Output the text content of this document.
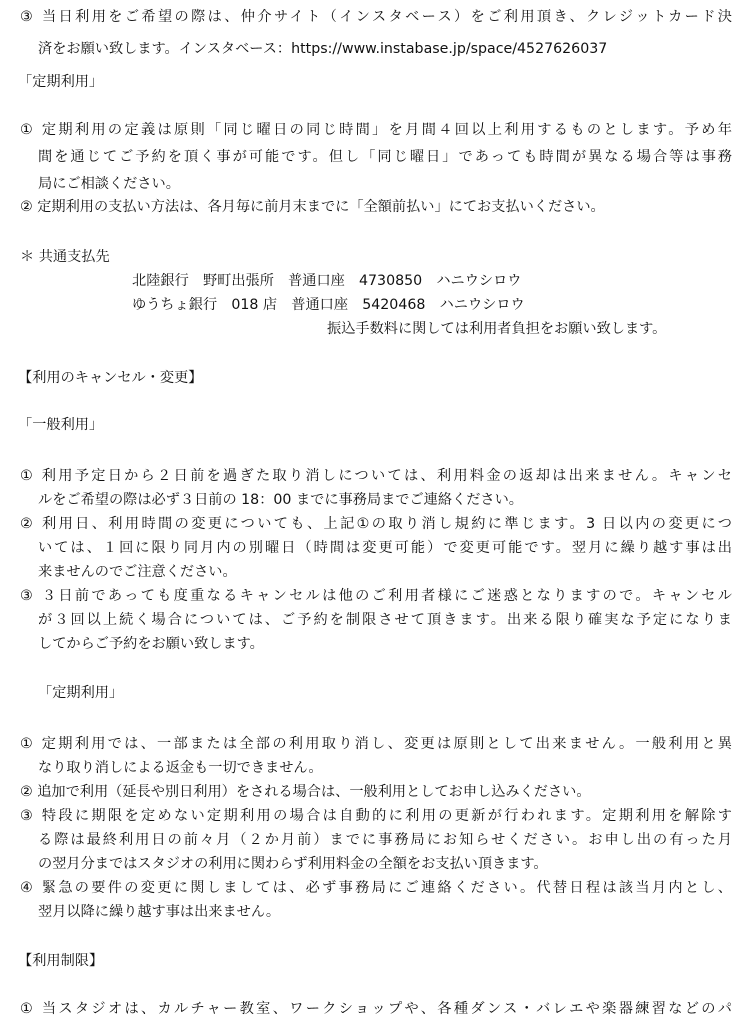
③ 当日利用をご希望の際は、仲介サイト（インスタベース）をご利用頂き、クレジットカード決
済をお願い致します。インスタベース：https://www.instabase.jp/space/4527626037
「定期利用」
① 定期利用の定義は原則「同じ曜日の同じ時間」を月間４回以上利用するものとします。予め年
間を通じてご予約を頂く事が可能です。但し「同じ曜日」であっても時間が異なる場合等は事務
局にご相談ください。
② 定期利用の支払い方法は、各月毎に前月末までに「全額前払い」にてお支払いください。
＊ 共通支払先
北陸銀行　野町出張所　普通口座　4730850　ハニウシロウ
ゆうちょ銀行　018 店　普通口座　5420468　ハニウシロウ
振込手数料に関しては利用者負担をお願い致します。
【利用のキャンセル・変更】
「一般利用」
① 利用予定日から２日前を過ぎた取り消しについては、利用料金の返却は出来ません。キャンセ
ルをご希望の際は必ず３日前の 18：00 までに事務局までご連絡ください。
② 利用日、利用時間の変更についても、上記①の取り消し規約に準じます。3 日以内の変更につ
いては、１回に限り同月内の別曜日（時間は変更可能）で変更可能です。翌月に繰り越す事は出
来ませんのでご注意ください。
③ ３日前であっても度重なるキャンセルは他のご利用者様にご迷惑となりますので。キャンセル
が３回以上続く場合については、ご予約を制限させて頂きます。出来る限り確実な予定になりま
してからご予約をお願い致します。
「定期利用」
① 定期利用では、一部または全部の利用取り消し、変更は原則として出来ません。一般利用と異
なり取り消しによる返金も一切できません。
② 追加で利用（延長や別日利用）をされる場合は、一般利用としてお申し込みください。
③ 特段に期限を定めない定期利用の場合は自動的に利用の更新が行われます。定期利用を解除す
る際は最終利用日の前々月（２か月前）までに事務局にお知らせください。お申し出の有った月
の翌月分まではスタジオの利用に関わらず利用料金の全額をお支払い頂きます。
④ 緊急の要件の変更に関しましては、必ず事務局にご連絡ください。代替日程は該当月内とし、
翌月以降に繰り越す事は出来ません。
【利用制限】
① 当スタジオは、カルチャー教室、ワークショップや、各種ダンス・バレエや楽器練習などのパ
